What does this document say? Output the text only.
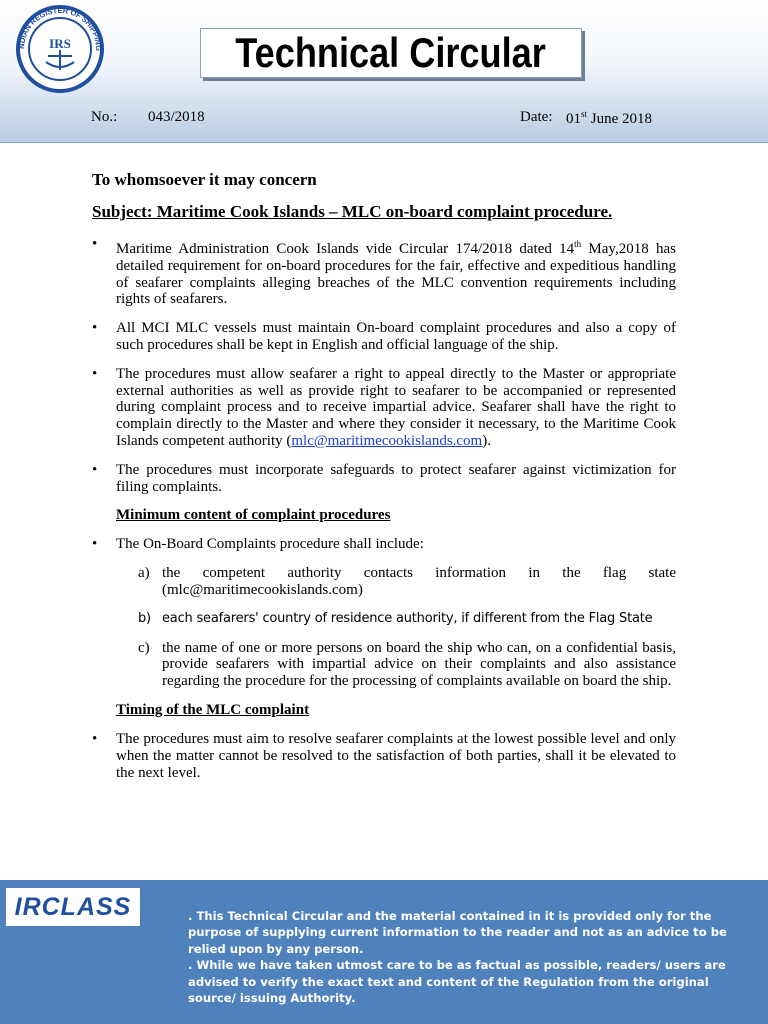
NDIAN REGISTER OF SHIPPING
IRS	Technical Circular
No.: 043/2018	Date: 01st June 2018

To whomsoever it may concern

Subject: Maritime Cook Islands – MLC on-board complaint procedure.

• Maritime Administration Cook Islands vide Circular 174/2018 dated 14th May,2018 has detailed requirement for on-board procedures for the fair, effective and expeditious handling of seafarer complaints alleging breaches of the MLC convention requirements including rights of seafarers.
• All MCI MLC vessels must maintain On-board complaint procedures and also a copy of such procedures shall be kept in English and official language of the ship.
• The procedures must allow seafarer a right to appeal directly to the Master or appropriate external authorities as well as provide right to seafarer to be accompanied or represented during complaint process and to receive impartial advice. Seafarer shall have the right to complain directly to the Master and where they consider it necessary, to the Maritime Cook Islands competent authority (mlc@maritimecookislands.com).
• The procedures must incorporate safeguards to protect seafarer against victimization for filing complaints.

Minimum content of complaint procedures

• The On-Board Complaints procedure shall include:
a) the competent authority contacts information in the flag state (mlc@maritimecookislands.com)
b) each seafarers' country of residence authority, if different from the Flag State
c) the name of one or more persons on board the ship who can, on a confidential basis, provide seafarers with impartial advice on their complaints and also assistance regarding the procedure for the processing of complaints available on board the ship.

Timing of the MLC complaint

• The procedures must aim to resolve seafarer complaints at the lowest possible level and only when the matter cannot be resolved to the satisfaction of both parties, shall it be elevated to the next level.
IRCLASS	. This Technical Circular and the material contained in it is provided only for the purpose of supplying current information to the reader and not as an advice to be relied upon by any person.
. While we have taken utmost care to be as factual as possible, readers/ users are advised to verify the exact text and content of the Regulation from the original source/ issuing Authority.
